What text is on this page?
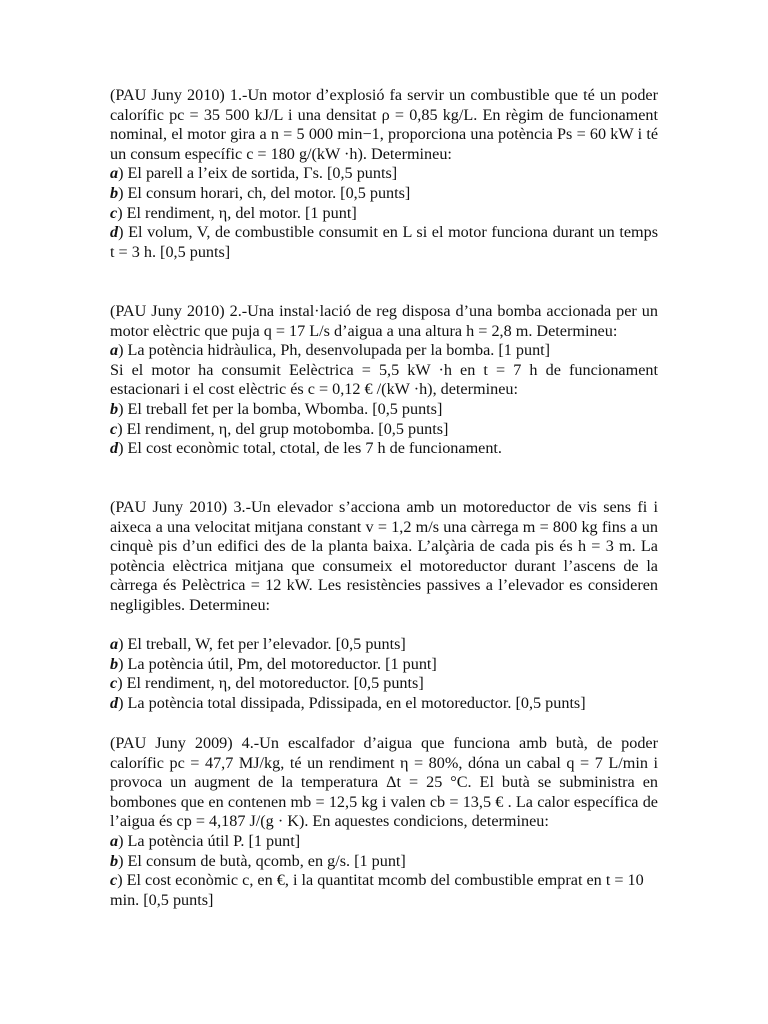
(PAU Juny 2010) 1.-Un motor d’explosió fa servir un combustible que té un poder calorífic pc = 35 500 kJ/L i una densitat ρ = 0,85 kg/L. En règim de funcionament nominal, el motor gira a n = 5 000 min−1, proporciona una potència Ps = 60 kW i té un consum específic c = 180 g/(kW ·h). Determineu:

a) El parell a l’eix de sortida, Γs. [0,5 punts]

b) El consum horari, ch, del motor. [0,5 punts]

c) El rendiment, η, del motor. [1 punt]

d) El volum, V, de combustible consumit en L si el motor funciona durant un temps t = 3 h. [0,5 punts]

(PAU Juny 2010) 2.-Una instal·lació de reg disposa d’una bomba accionada per un motor elèctric que puja q = 17 L/s d’aigua a una altura h = 2,8 m. Determineu:

a) La potència hidràulica, Ph, desenvolupada per la bomba. [1 punt]

Si el motor ha consumit Eelèctrica = 5,5 kW ·h en t = 7 h de funcionament estacionari i el cost elèctric és c = 0,12 € /(kW ·h), determineu:

b) El treball fet per la bomba, Wbomba. [0,5 punts]

c) El rendiment, η, del grup motobomba. [0,5 punts]

d) El cost econòmic total, ctotal, de les 7 h de funcionament.

(PAU Juny 2010) 3.-Un elevador s’acciona amb un motoreductor de vis sens fi i aixeca a una velocitat mitjana constant v = 1,2 m/s una càrrega m = 800 kg fins a un cinquè pis d’un edifici des de la planta baixa. L’alçària de cada pis és h = 3 m. La potència elèctrica mitjana que consumeix el motoreductor durant l’ascens de la càrrega és Pelèctrica = 12 kW. Les resistències passives a l’elevador es consideren negligibles. Determineu:

a) El treball, W, fet per l’elevador. [0,5 punts]

b) La potència útil, Pm, del motoreductor. [1 punt]

c) El rendiment, η, del motoreductor. [0,5 punts]

d) La potència total dissipada, Pdissipada, en el motoreductor. [0,5 punts]

(PAU Juny 2009) 4.-Un escalfador d’aigua que funciona amb butà, de poder calorífic pc = 47,7 MJ/kg, té un rendiment η = 80%, dóna un cabal q = 7 L/min i provoca un augment de la temperatura Δt = 25 °C. El butà se subministra en bombones que en contenen mb = 12,5 kg i valen cb = 13,5 € . La calor específica de l’aigua és cp = 4,187 J/(g · K). En aquestes condicions, determineu:

a) La potència útil P. [1 punt]

b) El consum de butà, qcomb, en g/s. [1 punt]

c) El cost econòmic c, en €, i la quantitat mcomb del combustible emprat en t = 10 min. [0,5 punts]
